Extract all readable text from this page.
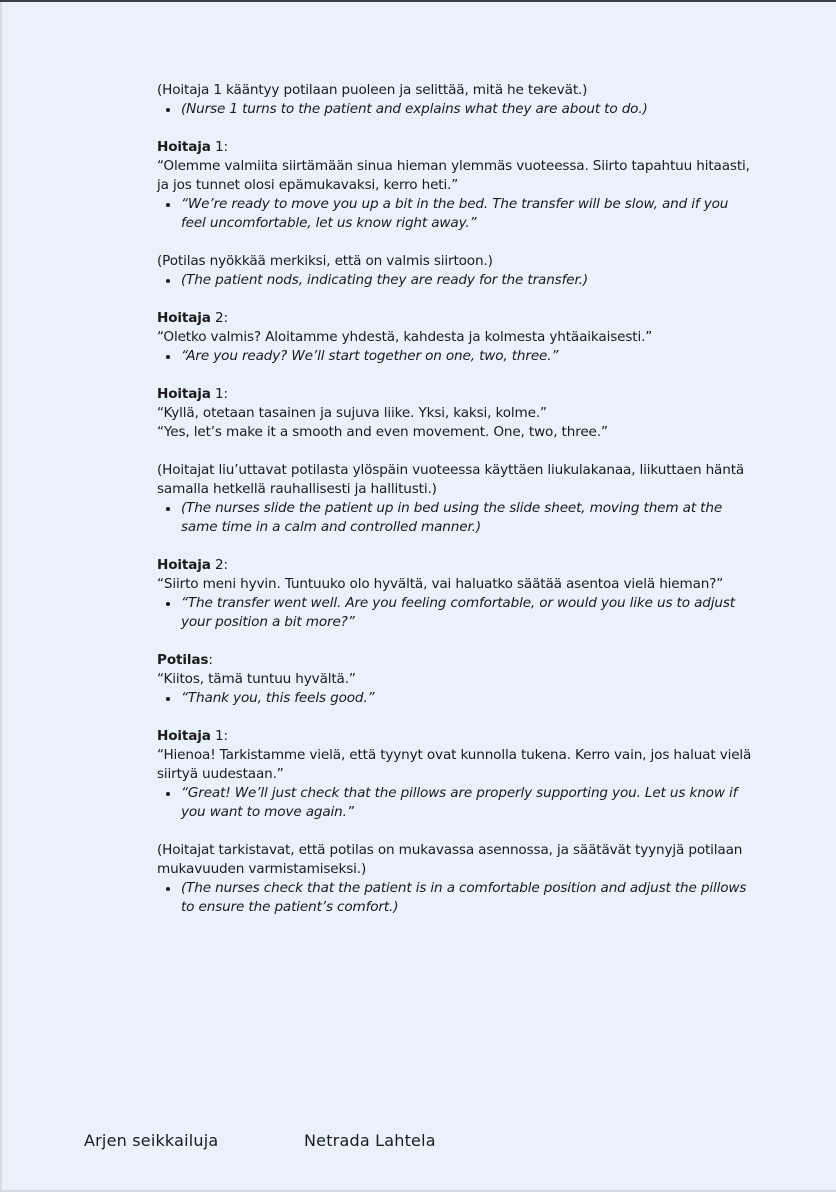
(Hoitaja 1 kääntyy potilaan puoleen ja selittää, mitä he tekevät.)

(Nurse 1 turns to the patient and explains what they are about to do.)

Hoitaja 1:

“Olemme valmiita siirtämään sinua hieman ylemmäs vuoteessa. Siirto tapahtuu hitaasti, ja jos tunnet olosi epämukavaksi, kerro heti.”

“We’re ready to move you up a bit in the bed. The transfer will be slow, and if you feel uncomfortable, let us know right away.”

(Potilas nyökkää merkiksi, että on valmis siirtoon.)

(The patient nods, indicating they are ready for the transfer.)

Hoitaja 2:

“Oletko valmis? Aloitamme yhdestä, kahdesta ja kolmesta yhtäaikaisesti.”

“Are you ready? We’ll start together on one, two, three.”

Hoitaja 1:

“Kyllä, otetaan tasainen ja sujuva liike. Yksi, kaksi, kolme.”

“Yes, let’s make it a smooth and even movement. One, two, three.”

(Hoitajat liu’uttavat potilasta ylöspäin vuoteessa käyttäen liukulakanaa, liikuttaen häntä samalla hetkellä rauhallisesti ja hallitusti.)

(The nurses slide the patient up in bed using the slide sheet, moving them at the same time in a calm and controlled manner.)

Hoitaja 2:

“Siirto meni hyvin. Tuntuuko olo hyvältä, vai haluatko säätää asentoa vielä hieman?”

“The transfer went well. Are you feeling comfortable, or would you like us to adjust your position a bit more?”

Potilas:

“Kiitos, tämä tuntuu hyvältä.”

“Thank you, this feels good.”

Hoitaja 1:

“Hienoa! Tarkistamme vielä, että tyynyt ovat kunnolla tukena. Kerro vain, jos haluat vielä siirtyä uudestaan.”

“Great! We’ll just check that the pillows are properly supporting you. Let us know if you want to move again.”

(Hoitajat tarkistavat, että potilas on mukavassa asennossa, ja säätävät tyynyjä potilaan mukavuuden varmistamiseksi.)

(The nurses check that the patient is in a comfortable position and adjust the pillows to ensure the patient’s comfort.)
Arjen seikkailuja	Netrada Lahtela
